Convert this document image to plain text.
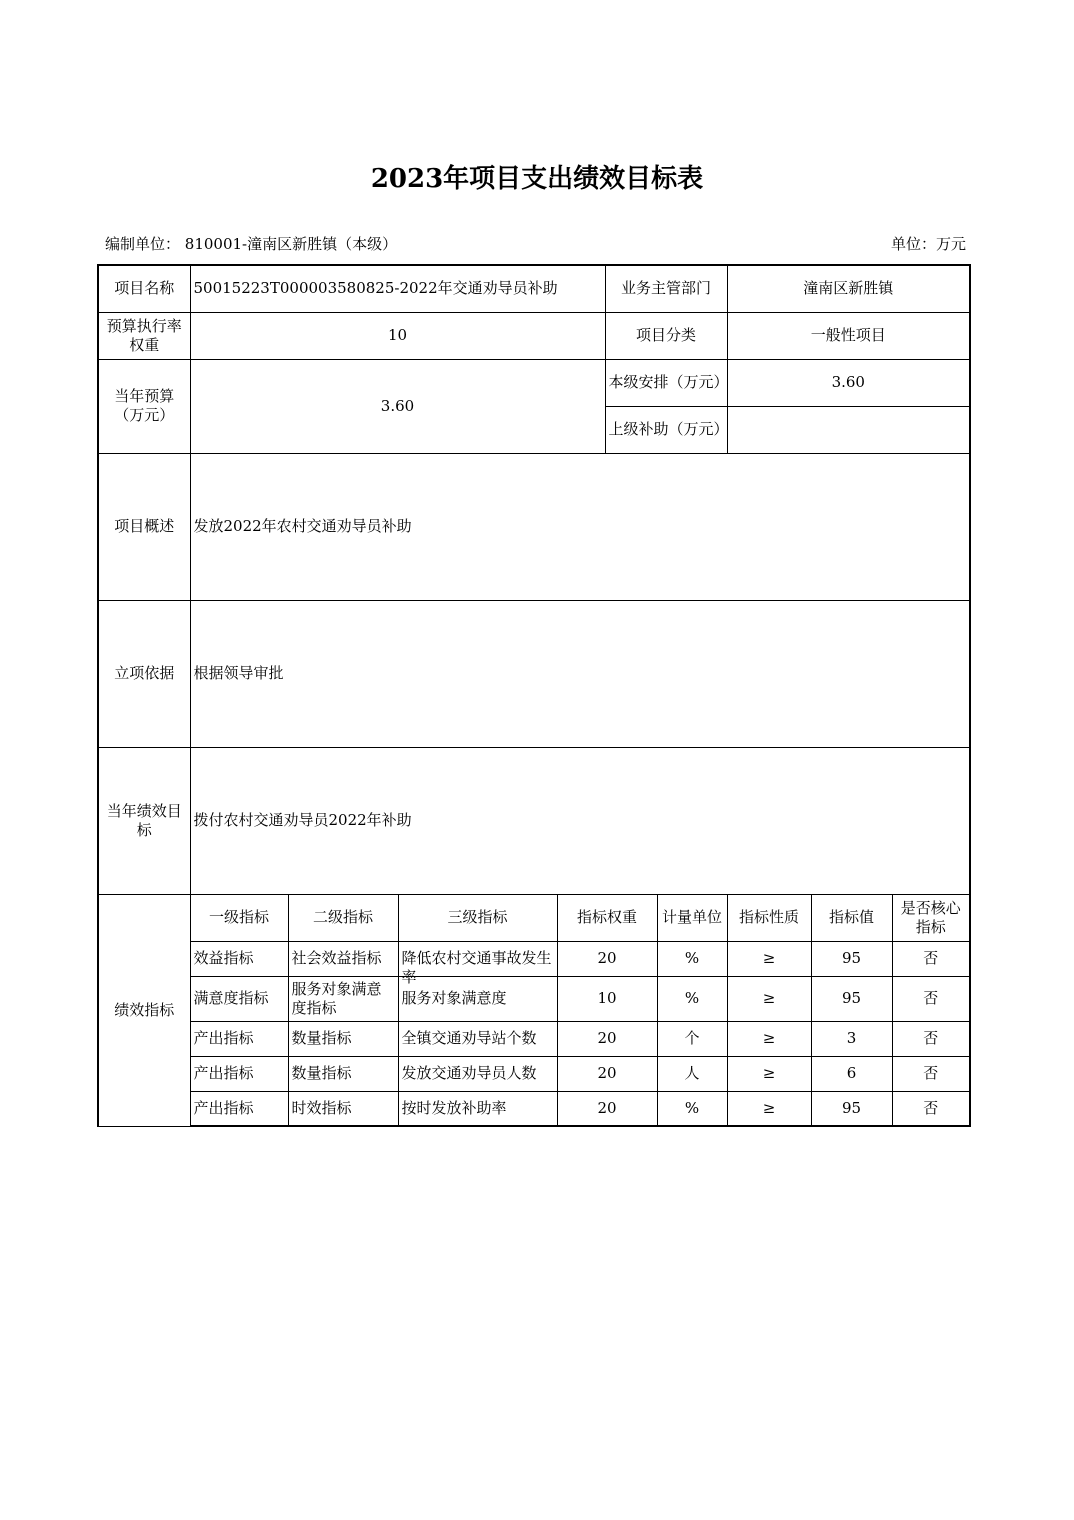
2023年项目支出绩效目标表
编制单位： 810001-潼南区新胜镇（本级）	单位：万元
项目名称	50015223T000003580825-2022年交通劝导员补助				业务主管部门		潼南区新胜镇		
预算执行率权重	10				项目分类		一般性项目		
当年预算（万元）	3.60				本级安排（万元）		3.60		
					上级补助（万元）				
项目概述	发放2022年农村交通劝导员补助								
立项依据	根据领导审批								
当年绩效目标	拨付农村交通劝导员2022年补助								
绩效指标	一级指标	二级指标	三级指标	指标权重		计量单位	指标性质	指标值	是否核心指标
	效益指标	社会效益指标	降低农村交通事故发生率	20		%	≥	95	否
	满意度指标	服务对象满意度指标	服务对象满意度	10		%	≥	95	否
	产出指标	数量指标	全镇交通劝导站个数	20		个	≥	3	否
	产出指标	数量指标	发放交通劝导员人数	20		人	≥	6	否
	产出指标	时效指标	按时发放补助率	20		%	≥	95	否
